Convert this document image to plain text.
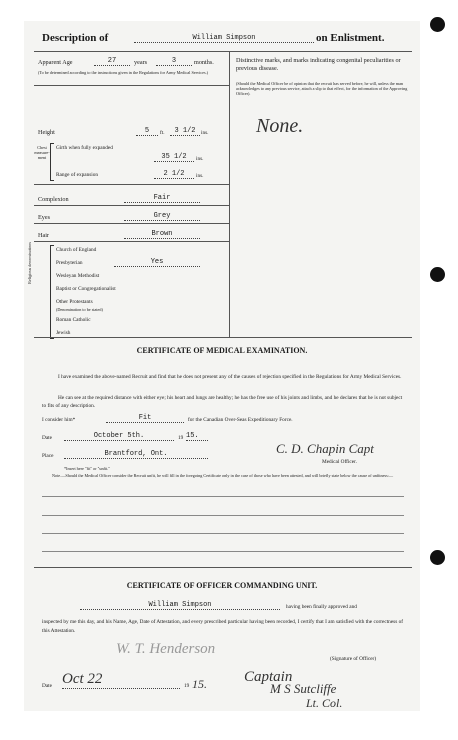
Description of	William Simpson	on Enlistment.
Apparent Age	27	years	3	months.
(To be determined according to the instructions given in the Regulations for Army Medical Services.)
Height	5	ft.	3 1/2	ins.
Chest measure-ment
Girth when fully expanded
35 1/2	ins.
Range of expansion	2 1/2	ins.
Complexion	Fair
Eyes	Grey
Hair	Brown
Religious denominations	Church of England
Presbyterian	Yes
Wesleyan Methodist
Baptist or Congregationalist
Other Protestants
(Denomination to be stated)
Roman Catholic
Jewish
Distinctive marks, and marks indicating congenital peculiarities or previous disease.
(Should the Medical Officer be of opinion that the recruit has served before, he will, unless the man acknowledges to any previous service, attach a slip to that effect, for the information of the Approving Officer).
None.
CERTIFICATE OF MEDICAL EXAMINATION.
I have examined the above-named Recruit and find that he does not present any of the causes of rejection specified in the Regulations for Army Medical Services.
He can see at the required distance with either eye; his heart and lungs are healthy; he has the free use of his joints and limbs, and he declares that he is not subject to fits of any description.
I consider him*	Fit	for the Canadian Over-Seas Expeditionary Force.
Date	October 5th.	19 15.
Place	Brantford, Ont.	C. D. Chapin Capt
Medical Officer.
*Insert here "fit" or "unfit."
Note.—Should the Medical Officer consider the Recruit unfit, he will fill in the foregoing Certificate only in the case of those who have been attested, and will briefly state below the cause of unfitness:—
CERTIFICATE OF OFFICER COMMANDING UNIT.
William Simpson	having been finally approved and
inspected by me this day, and his Name, Age, Date of Attestation, and every prescribed particular having been recorded, I certify that I am satisfied with the correctness of this Attestation.
W. T. Henderson
(Signature of Officer)
Date Oct 22	19 15. Captain
M S Sutcliffe
Lt. Col.
